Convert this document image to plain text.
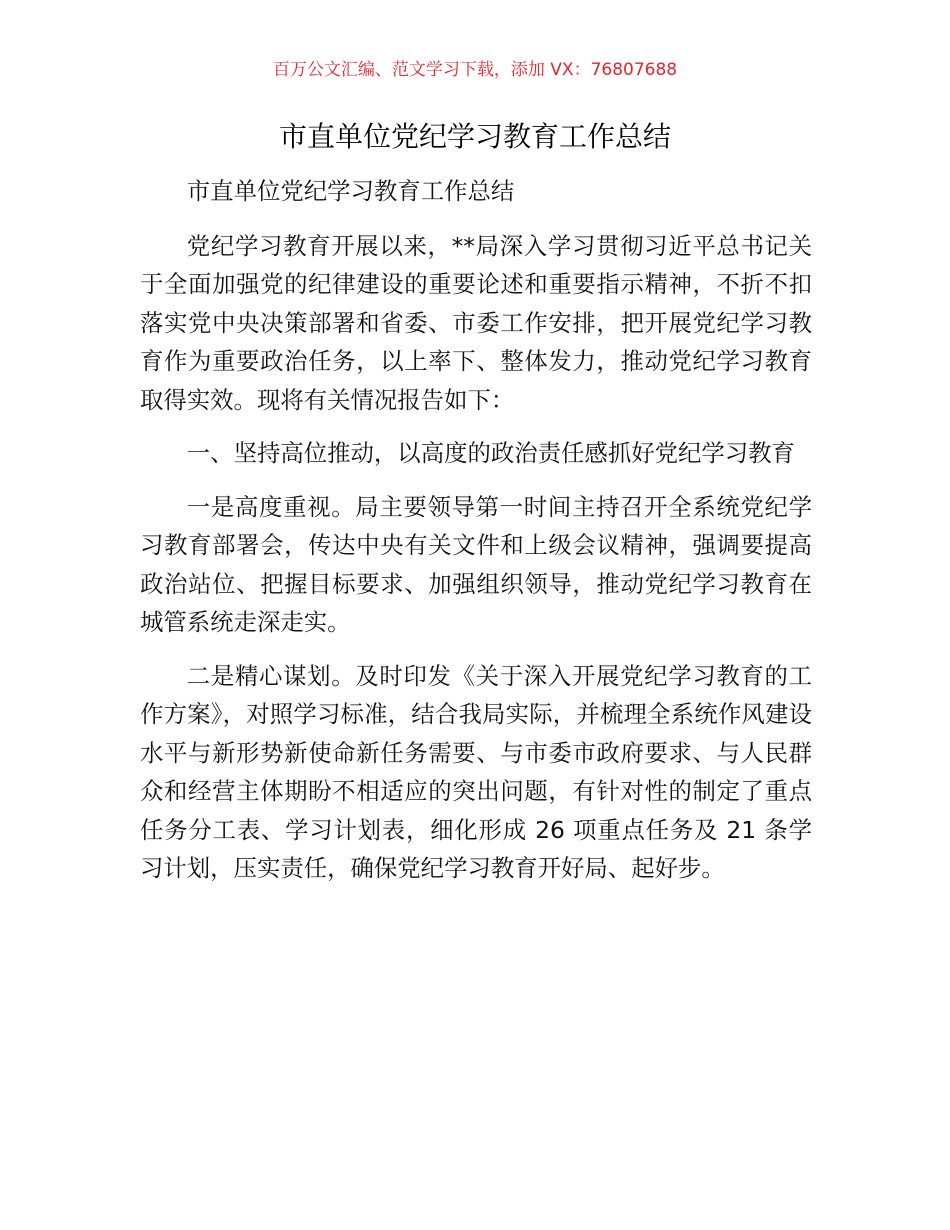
百万公文汇编、范文学习下载，添加 VX：76807688
市直单位党纪学习教育工作总结

市直单位党纪学习教育工作总结

党纪学习教育开展以来，**局深入学习贯彻习近平总书记关于全面加强党的纪律建设的重要论述和重要指示精神，不折不扣落实党中央决策部署和省委、市委工作安排，把开展党纪学习教育作为重要政治任务，以上率下、整体发力，推动党纪学习教育取得实效。现将有关情况报告如下：

一、坚持高位推动，以高度的政治责任感抓好党纪学习教育

一是高度重视。局主要领导第一时间主持召开全系统党纪学习教育部署会，传达中央有关文件和上级会议精神，强调要提高政治站位、把握目标要求、加强组织领导，推动党纪学习教育在城管系统走深走实。

二是精心谋划。及时印发《关于深入开展党纪学习教育的工作方案》，对照学习标准，结合我局实际，并梳理全系统作风建设水平与新形势新使命新任务需要、与市委市政府要求、与人民群众和经营主体期盼不相适应的突出问题，有针对性的制定了重点任务分工表、学习计划表，细化形成 26 项重点任务及 21 条学习计划，压实责任，确保党纪学习教育开好局、起好步。
